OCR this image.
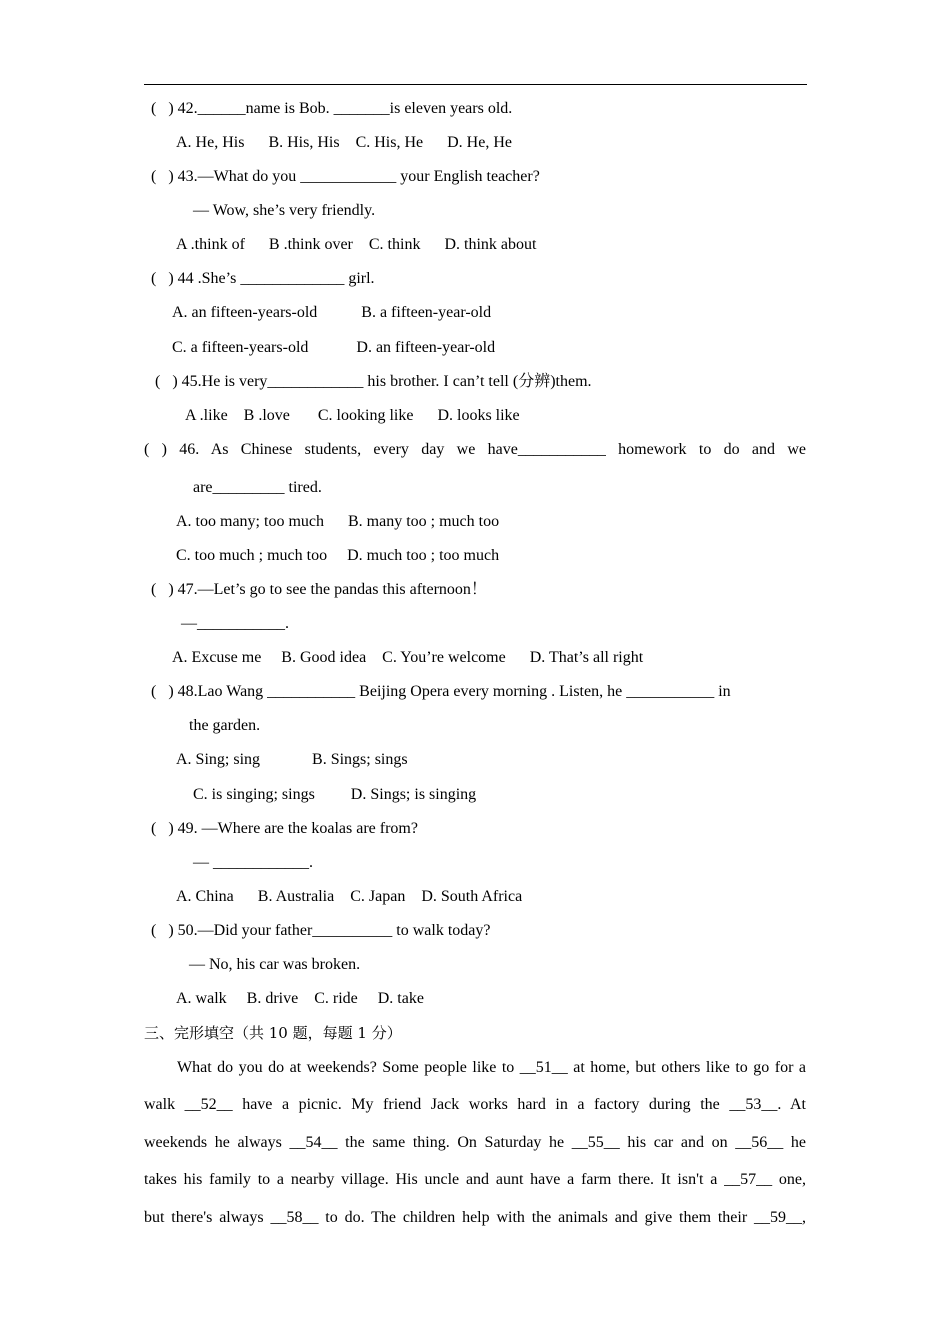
(   ) 42.______name is Bob. _______is eleven years old.
A. He, His      B. His, His    C. His, He      D. He, He
(   ) 43.—What do you ____________ your English teacher?
— Wow, she’s very friendly.
A .think of      B .think over    C. think      D. think about
(   ) 44 .She’s _____________ girl.
A. an fifteen-years-old           B. a fifteen-year-old
C. a fifteen-years-old            D. an fifteen-year-old
(   ) 45.He is very____________ his brother. I can’t tell (分辨)them.
A .like    B .love       C. looking like      D. looks like
( ) 46. As Chinese students, every day we have___________ homework to do and we
are_________ tired.
A. too many; too much      B. many too ; much too
C. too much ; much too     D. much too ; too much
(   ) 47.—Let’s go to see the pandas this afternoon！
—___________.
A. Excuse me     B. Good idea    C. You’re welcome      D. That’s all right
(   ) 48.Lao Wang ___________ Beijing Opera every morning . Listen, he ___________ in
the garden.
A. Sing; sing             B. Sings; sings
C. is singing; sings         D. Sings; is singing
(   ) 49. —Where are the koalas are from?
— ____________.
A. China      B. Australia    C. Japan    D. South Africa
(   ) 50.—Did your father__________ to walk today?
— No, his car was broken.
A. walk     B. drive    C. ride     D. take
三、完形填空（共 10 题，每题 1 分）
What do you do at weekends? Some people like to __51__ at home, but others like to go for a
walk __52__ have a picnic. My friend Jack works hard in a factory during the __53__. At
weekends he always __54__ the same thing. On Saturday he __55__ his car and on __56__ he
takes his family to a nearby village. His uncle and aunt have a farm there. It isn't a __57__ one,
but there's always __58__ to do. The children help with the animals and give them their __59__,
